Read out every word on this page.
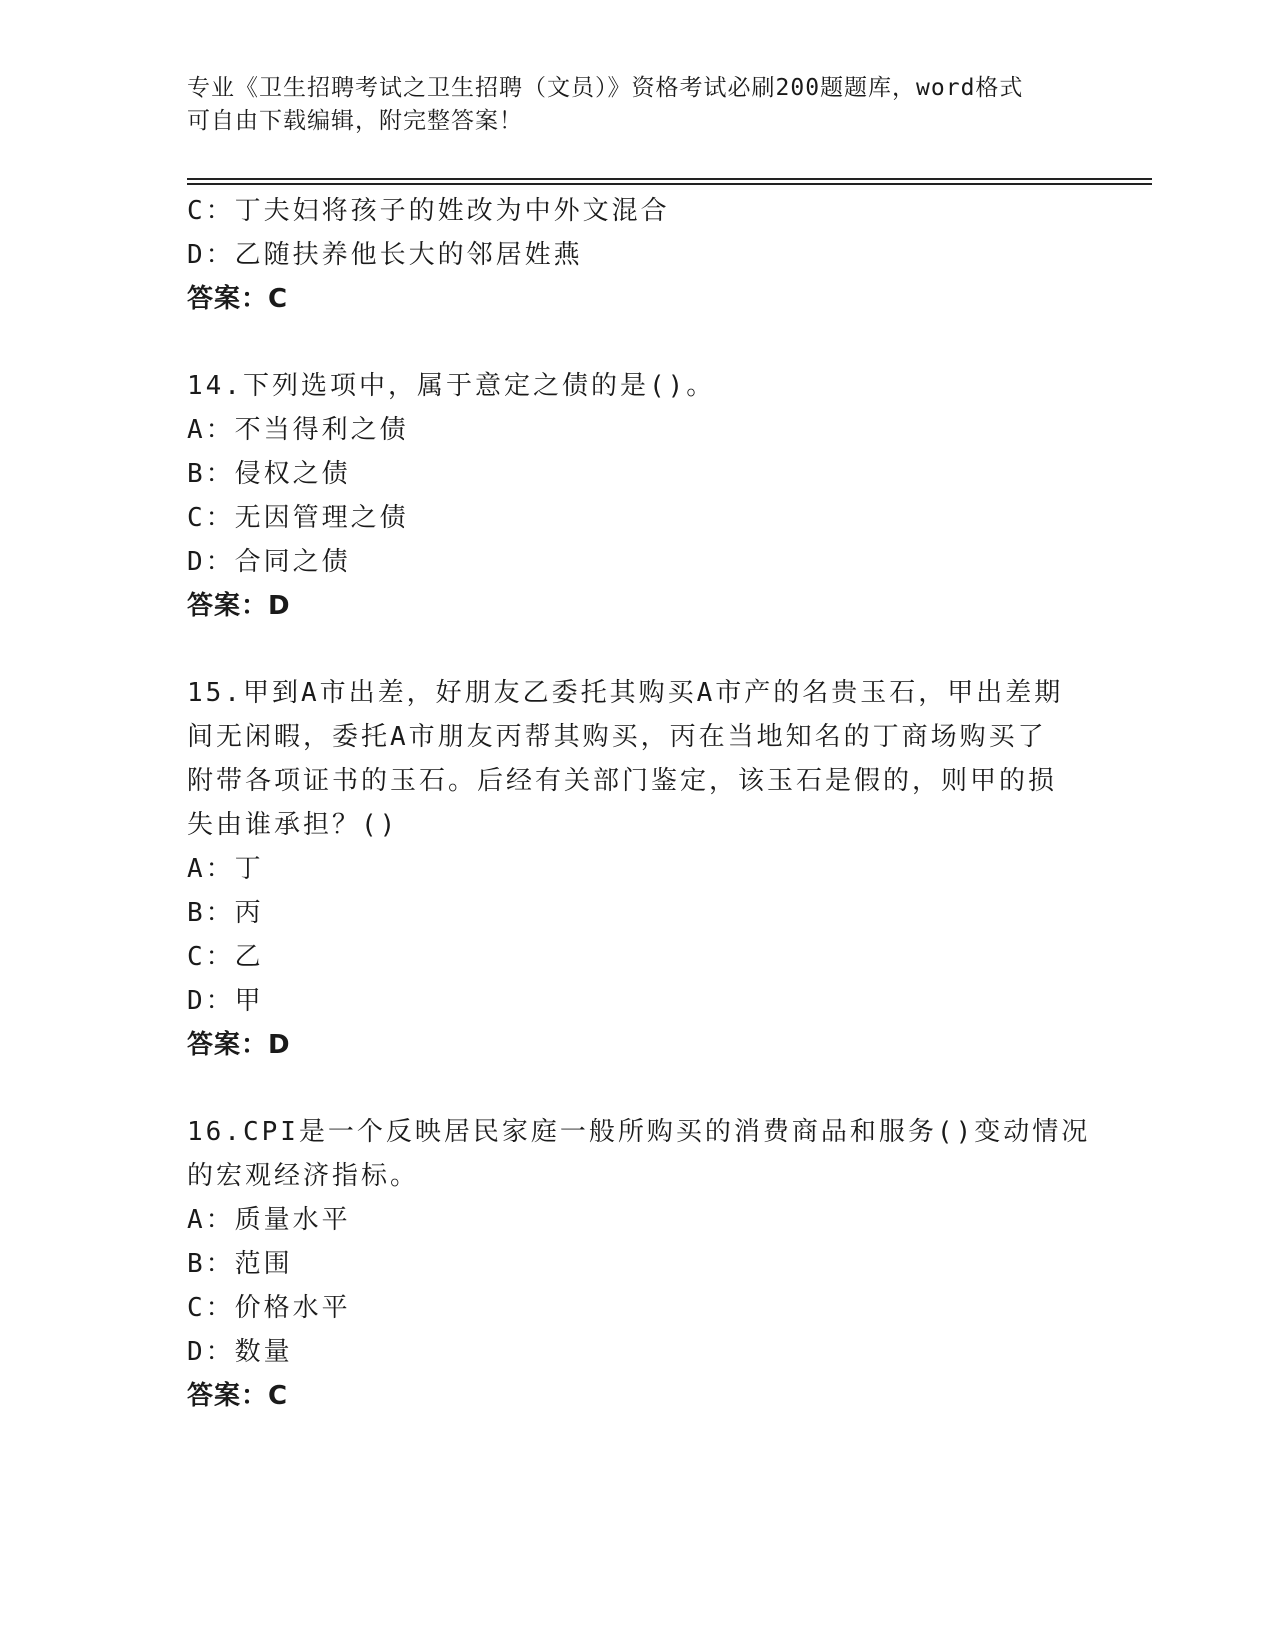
专业《卫生招聘考试之卫生招聘（文员）》资格考试必刷200题题库，word格式
可自由下载编辑，附完整答案！
C：丁夫妇将孩子的姓改为中外文混合
D：乙随扶养他长大的邻居姓燕
答案：C
14.下列选项中，属于意定之债的是()。
A：不当得利之债
B：侵权之债
C：无因管理之债
D：合同之债
答案：D
15.甲到A市出差，好朋友乙委托其购买A市产的名贵玉石，甲出差期
间无闲暇，委托A市朋友丙帮其购买，丙在当地知名的丁商场购买了
附带各项证书的玉石。后经有关部门鉴定，该玉石是假的，则甲的损
失由谁承担？()
A：丁
B：丙
C：乙
D：甲
答案：D
16.CPI是一个反映居民家庭一般所购买的消费商品和服务()变动情况
的宏观经济指标。
A：质量水平
B：范围
C：价格水平
D：数量
答案：C
